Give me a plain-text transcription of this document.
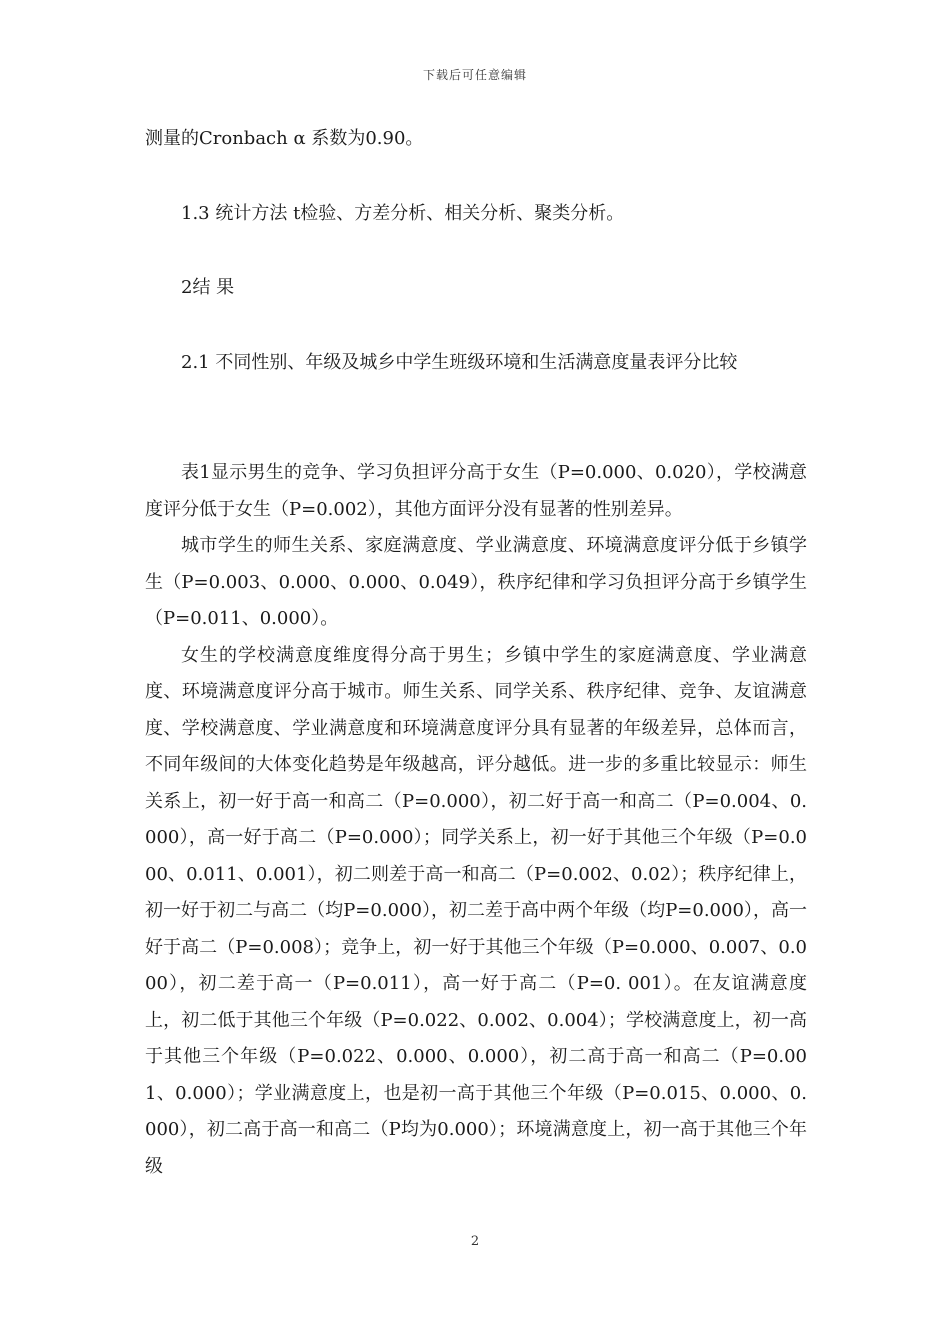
下载后可任意编辑
测量的Cronbach α 系数为0.90。
1.3 统计方法 t检验、方差分析、相关分析、聚类分析。
2结 果
2.1 不同性别、年级及城乡中学生班级环境和生活满意度量表评分比较

表1显示男生的竞争、学习负担评分高于女生（P=0.000、0.020），学校满意度评分低于女生（P=0.002），其他方面评分没有显著的性别差异。

城市学生的师生关系、家庭满意度、学业满意度、环境满意度评分低于乡镇学生（P=0.003、0.000、0.000、0.049），秩序纪律和学习负担评分高于乡镇学生（P=0.011、0.000）。

女生的学校满意度维度得分高于男生；乡镇中学生的家庭满意度、学业满意度、环境满意度评分高于城市。师生关系、同学关系、秩序纪律、竞争、友谊满意度、学校满意度、学业满意度和环境满意度评分具有显著的年级差异，总体而言，不同年级间的大体变化趋势是年级越高，评分越低。进一步的多重比较显示：师生关系上，初一好于高一和高二（P=0.000），初二好于高一和高二（P=0.004、0.000），高一好于高二（P=0.000）；同学关系上，初一好于其他三个年级（P=0.000、0.011、0.001），初二则差于高一和高二（P=0.002、0.02）；秩序纪律上，初一好于初二与高二（均P=0.000），初二差于高中两个年级（均P=0.000），高一好于高二（P=0.008）；竞争上，初一好于其他三个年级（P=0.000、0.007、0.000），初二差于高一（P=0.011），高一好于高二（P=0. 001）。在友谊满意度上，初二低于其他三个年级（P=0.022、0.002、0.004）；学校满意度上，初一高于其他三个年级（P=0.022、0.000、0.000），初二高于高一和高二（P=0.001、0.000）；学业满意度上，也是初一高于其他三个年级（P=0.015、0.000、0.000），初二高于高一和高二（P均为0.000）；环境满意度上，初一高于其他三个年级

2
